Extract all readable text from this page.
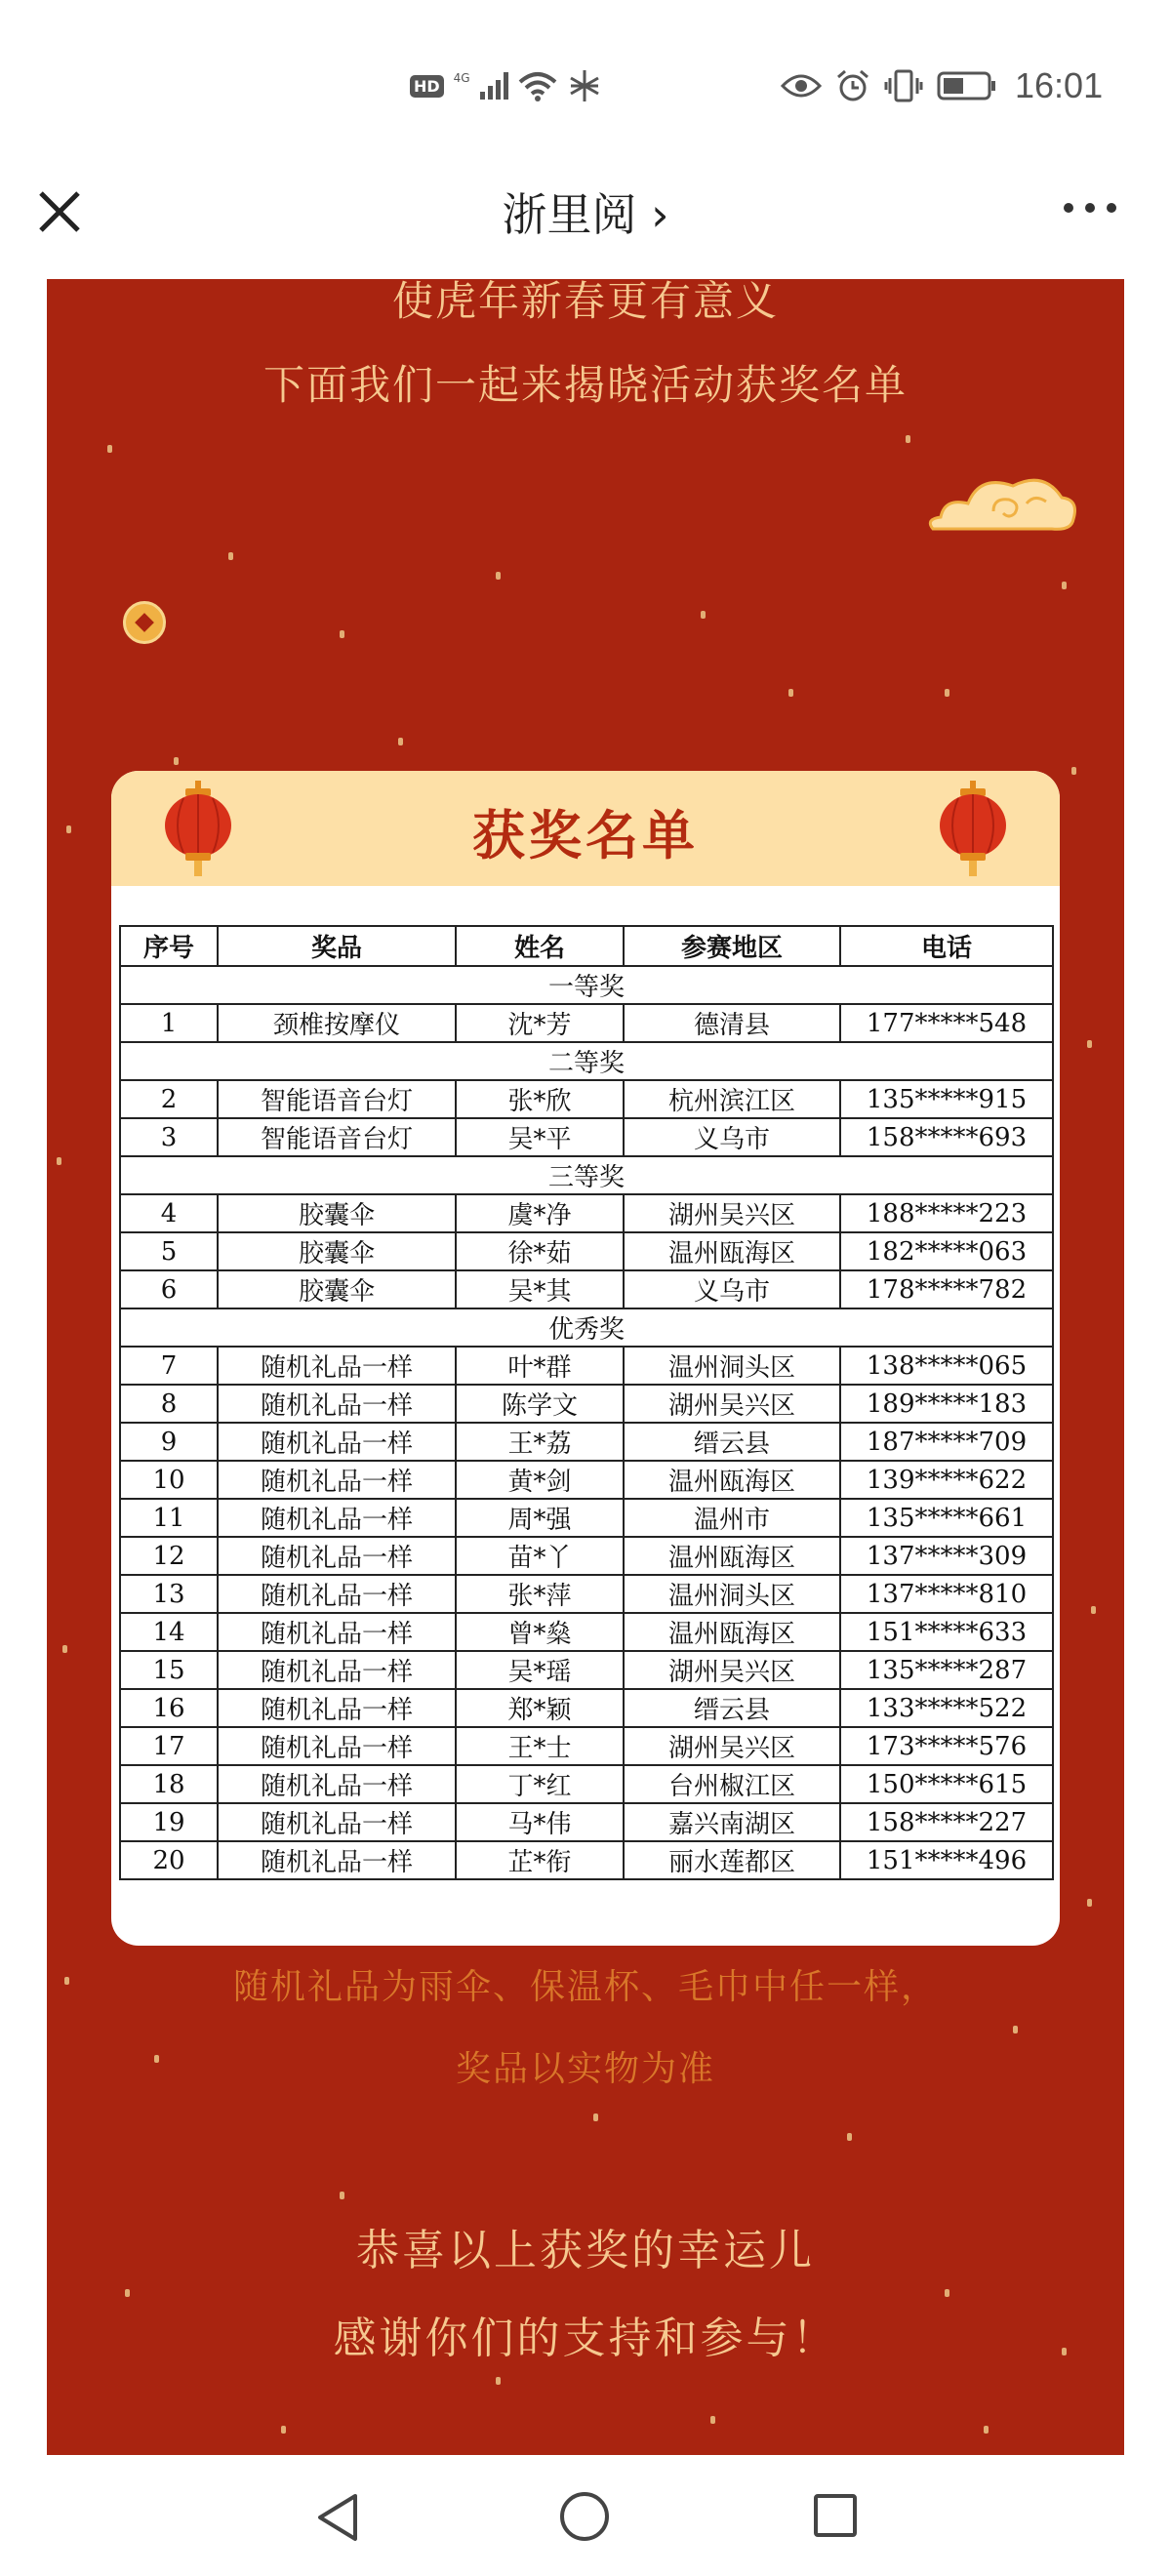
HD	4G	16:01
浙里阅 ›
使虎年新春更有意义
下面我们一起来揭晓活动获奖名单
获奖名单
序号	奖品	姓名	参赛地区	电话
一等奖				
1	颈椎按摩仪	沈*芳	德清县	177*****548
二等奖				
2	智能语音台灯	张*欣	杭州滨江区	135*****915
3	智能语音台灯	吴*平	义乌市	158*****693
三等奖				
4	胶囊伞	虞*净	湖州吴兴区	188*****223
5	胶囊伞	徐*茹	温州瓯海区	182*****063
6	胶囊伞	吴*其	义乌市	178*****782
优秀奖				
7	随机礼品一样	叶*群	温州洞头区	138*****065
8	随机礼品一样	陈学文	湖州吴兴区	189*****183
9	随机礼品一样	王*荔	缙云县	187*****709
10	随机礼品一样	黄*剑	温州瓯海区	139*****622
11	随机礼品一样	周*强	温州市	135*****661
12	随机礼品一样	苗*丫	温州瓯海区	137*****309
13	随机礼品一样	张*萍	温州洞头区	137*****810
14	随机礼品一样	曾*燊	温州瓯海区	151*****633
15	随机礼品一样	吴*瑶	湖州吴兴区	135*****287
16	随机礼品一样	郑*颖	缙云县	133*****522
17	随机礼品一样	王*士	湖州吴兴区	173*****576
18	随机礼品一样	丁*红	台州椒江区	150*****615
19	随机礼品一样	马*伟	嘉兴南湖区	158*****227
20	随机礼品一样	芷*衔	丽水莲都区	151*****496
随机礼品为雨伞、保温杯、毛巾中任一样，
奖品以实物为准
恭喜以上获奖的幸运儿
感谢你们的支持和参与！
